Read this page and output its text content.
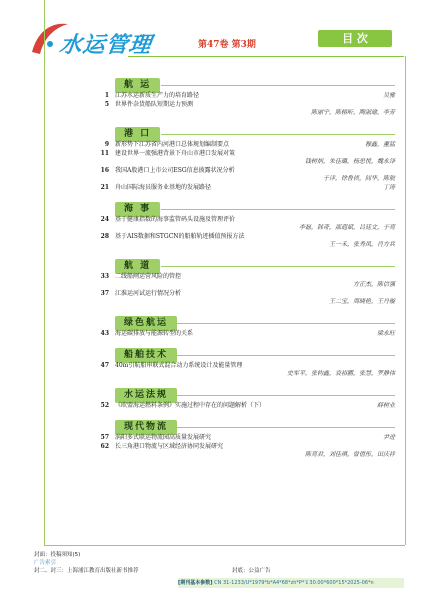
水运管理	第47卷 第3期	目 次
航 运
1 江苏水运新质生产力的培育路径	吴雅
5 世界件杂货船队短期运力预测
陈丽宁，陈榕昕，陶淑瑜，李芳
港 口
9 新形势下江苏省内河港口总体规划编制要点	穆鑫，董猛
11 建设世界一流强港背景下舟山市港口发展对策
钱树炳，朱佳璐，杨思悦，魏永泽
16 我国A股港口上市公司ESG信息披露状况分析
于洋，徐鲁侦，闾华，陈航
21 舟山国际海员服务业基地的发展路径	丁涛
海 事
24 基于健康指数的海事监管码头设施及管理评价
李磊，韩奇，邵遐斌，吕廷文，于亮
28 基于AIS数据和STGCN的船舶轨迹插值预报方法
王一禾，张秀凤，肖方兵
航 道
33 二线船闸运营风险的管控
方正杰，陈信强
37 江淮运河试运行情况分析
王二宝，周晓艳，王丹璇
绿色航运
43 海运碳排放与能源转型的关系	梁永旺
船舶技术
47 40m引航船串联式混合动力系统设计及能量管理
史军平，张钧鑫，袁裕鹏，张慧，罗静伟
水运法规
52 《欧盟海运燃料条例》实施过程中存在的问题解析（下）	薛树业
现代物流
57 涡阳多式联运物流园高质量发展研究	尹进
62 长三角港口物流与区域经济协同发展研究
陈亮君，刘佳琪，曾僖彤，田庆祥
封面：投稿须知(5)
广告索引
封二、封三：上海浦江教育出版社新书推荐	封底：公益广告
[期刊基本参数] CN 31-1233/U*1979*b*A4*68*zh*P*￥30.00*600*15*2025-06*n
